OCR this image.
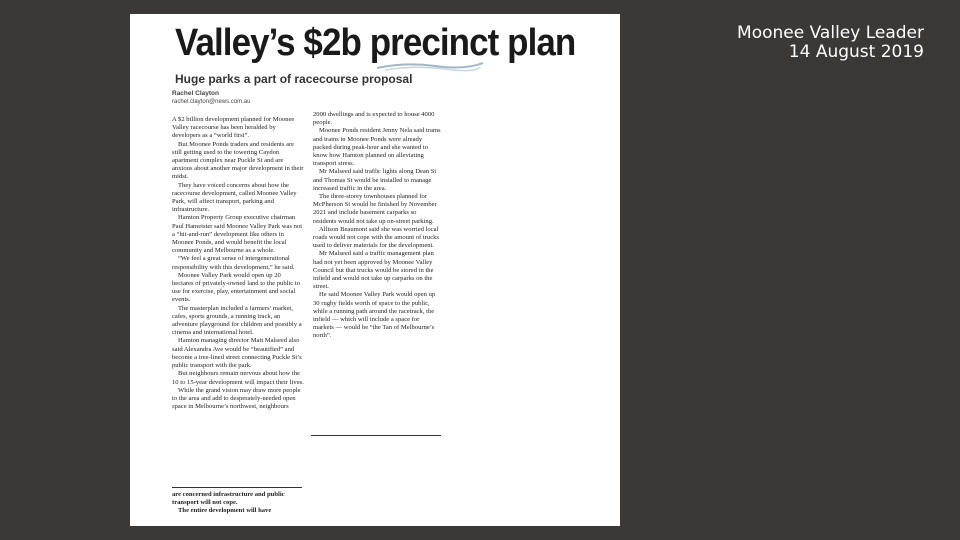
Moonee Valley Leader
14 August 2019
Valley’s $2b precinct plan
Huge parks a part of racecourse proposal
Rachel Clayton
rachel.clayton@news.com.au

A $2 billion development planned for Moonee Valley racecourse has been heralded by developers as a “world first”.

But Moonee Ponds traders and residents are still getting used to the towering Caydon apartment complex near Puckle St and are anxious about another major development in their midst.

They have voiced concerns about how the racecourse development, called Moonee Valley Park, will affect transport, parking and infrastructure.

Hamton Property Group executive chairman Paul Hameister said Moonee Valley Park was not a “hit-and-run” development like others in Moonee Ponds, and would benefit the local community and Melbourne as a whole.

“We feel a great sense of intergenerational responsibility with this development,” he said.

Moonee Valley Park would open up 20 hectares of privately-owned land to the public to use for exercise, play, entertainment and social events.

The masterplan included a farmers’ market, cafes, sports grounds, a running track, an adventure playground for children and possibly a cinema and international hotel.

Hamton managing director Matt Malseed also said Alexandra Ave would be “beautified” and become a tree-lined street connecting Puckle St’s public transport with the park.

But neighbours remain nervous about how the 10 to 15-year development will impact their lives.

While the grand vision may draw more people to the area and add to desperately-needed open space in Melbourne’s northwest, neighbours

are concerned infrastructure and public transport will not cope.

The entire development will have

2000 dwellings and is expected to house 4000 people.

Moonee Ponds resident Jenny Nela said trams and trains in Moonee Ponds were already packed during peak-hour and she wanted to know how Hamton planned on alleviating transport stress.

Mr Malseed said traffic lights along Dean St and Thomas St would be installed to manage increased traffic in the area.

The three-storey townhouses planned for McPherson St would be finished by November 2021 and include basement carparks so residents would not take up on-street parking.

Allison Beaumont said she was worried local roads would not cope with the amount of trucks used to deliver materials for the development.

Mr Malseed said a traffic management plan had not yet been approved by Moonee Valley Council but that trucks would be stored in the infield and would not take up carparks on the street.

He said Moonee Valley Park would open up 30 rugby fields worth of space to the public, while a running path around the racetrack, the infield — which will include a space for markets — would be “the Tan of Melbourne’s north”.
